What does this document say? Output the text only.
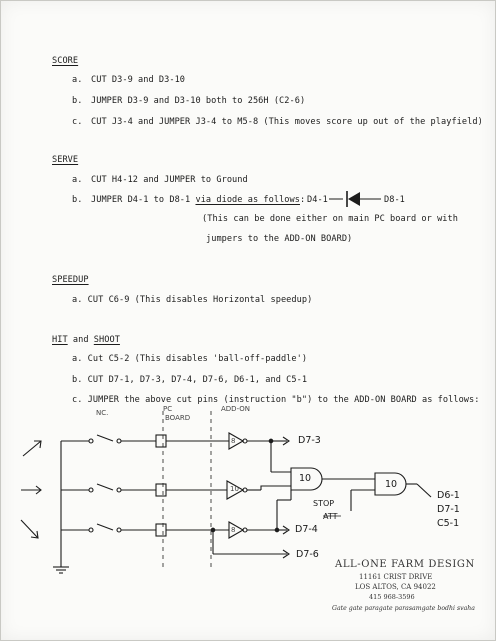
SCORE
a. CUT D3-9 and D3-10
b. JUMPER D3-9 and D3-10 both to 256H (C2-6)
c. CUT J3-4 and JUMPER J3-4 to M5-8 (This moves score up out of the playfield)
SERVE
a. CUT H4-12 and JUMPER to Ground
b. JUMPER D4-1 to D8-1 via diode as follows: D4-1	D8-1
(This can be done either on main PC board or with
jumpers to the ADD-ON BOARD)
SPEEDUP
a. CUT C6-9 (This disables Horizontal speedup)
HIT and SHOOT
a. Cut C5-2 (This disables 'ball-off-paddle')
b. CUT D7-1, D7-3, D7-4, D7-6, D6-1, and C5-1
c. JUMPER the above cut pins (instruction "b") to the ADD-ON BOARD as follows:
NC.	PC
BOARD
ADD-ON
8
10
8
10
10
D7-3
D7-4
D7-6
STOP
ATT
D6-1
D7-1
C5-1
ALL-ONE FARM DESIGN
11161 CRIST DRIVE
LOS ALTOS, CA 94022
415 968-3596
Gate gate paragate parasamgate bodhi svaha
